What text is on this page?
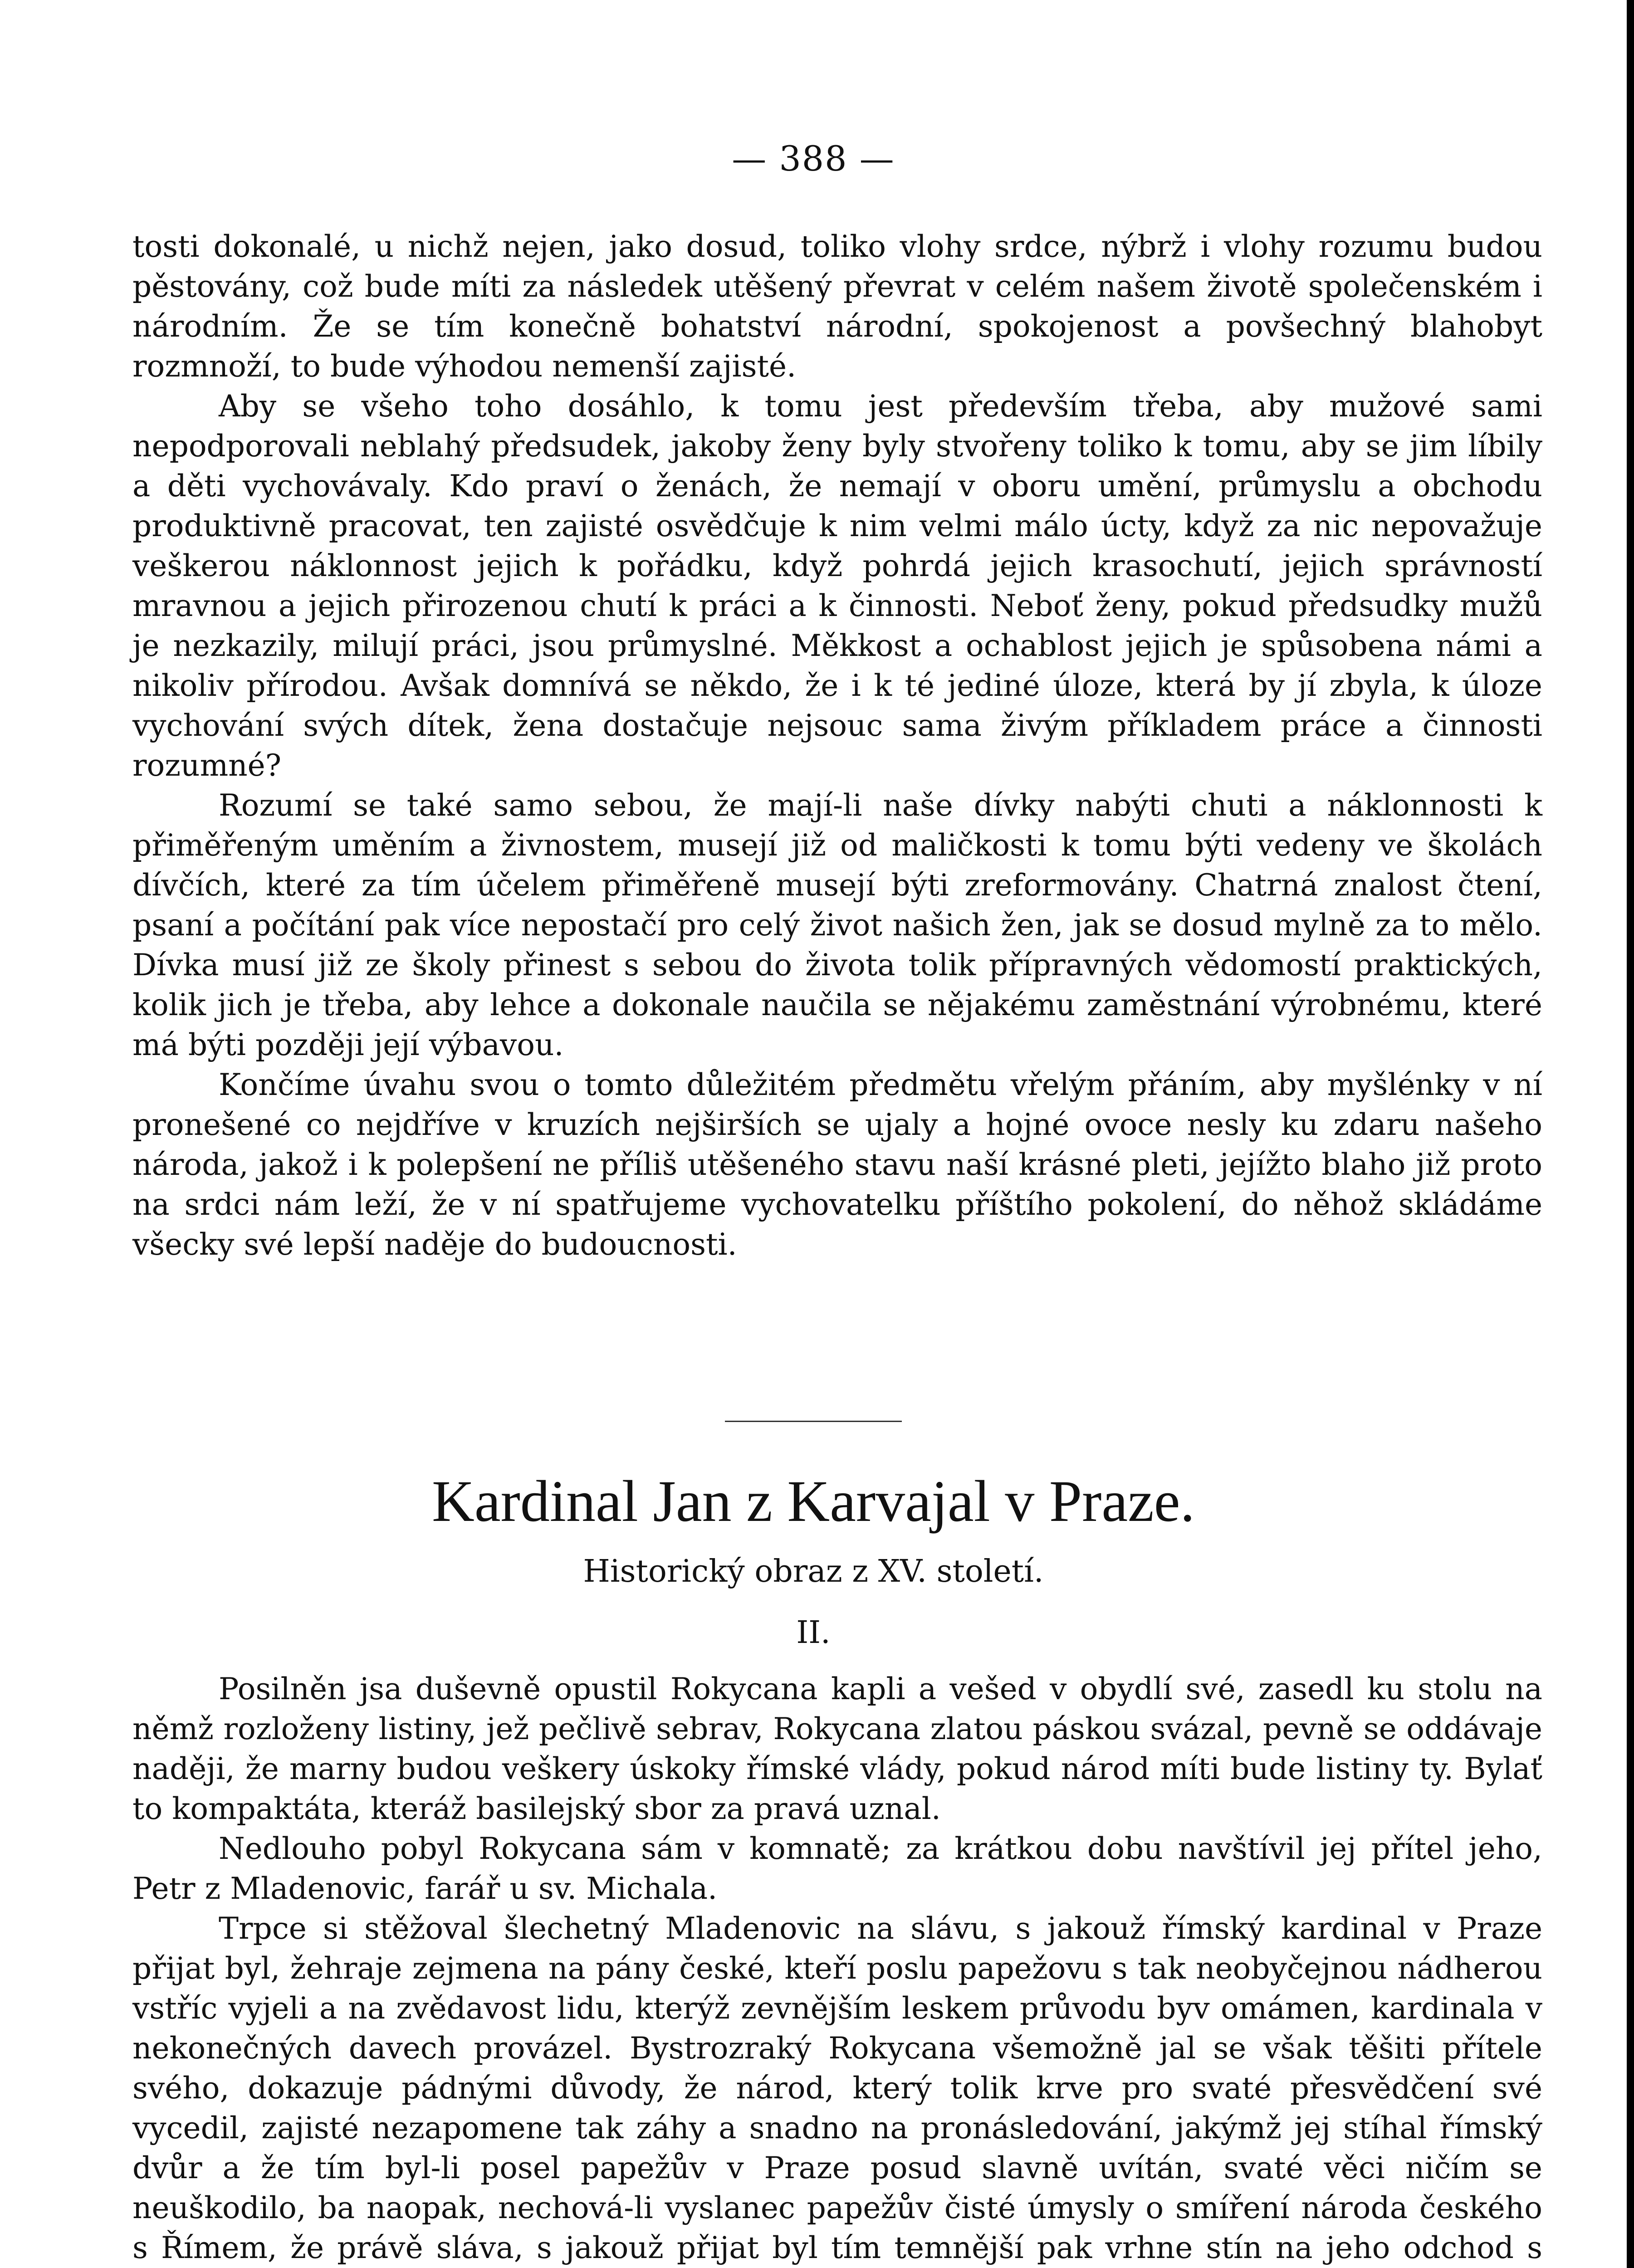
— 388 —

tosti dokonalé, u nichž nejen, jako dosud, toliko vlohy srdce, nýbrž i vlohy rozumu budou pěstovány, což bude míti za následek utěšený převrat v celém našem životě společenském i národním. Že se tím konečně bohatství národní, spokojenost a povšechný blahobyt rozmnoží, to bude výhodou nemenší zajisté.

Aby se všeho toho dosáhlo, k tomu jest především třeba, aby mužové sami nepodporovali neblahý předsudek, jakoby ženy byly stvořeny toliko k tomu, aby se jim líbily a děti vychovávaly. Kdo praví o ženách, že nemají v oboru umění, průmyslu a obchodu produktivně pracovat, ten zajisté osvědčuje k nim velmi málo úcty, když za nic nepovažuje veškerou náklonnost jejich k pořádku, když pohrdá jejich krasochutí, jejich správností mravnou a jejich přirozenou chutí k práci a k činnosti. Neboť ženy, pokud předsudky mužů je nezkazily, milují práci, jsou průmyslné. Měkkost a ochablost jejich je spůsobena námi a nikoliv přírodou. Avšak domnívá se někdo, že i k té jediné úloze, která by jí zbyla, k úloze vychování svých dítek, žena dostačuje nejsouc sama živým příkladem práce a činnosti rozumné?

Rozumí se také samo sebou, že mají-li naše dívky nabýti chuti a náklonnosti k přiměřeným uměním a živnostem, musejí již od maličkosti k tomu býti vedeny ve školách dívčích, které za tím účelem přiměřeně musejí býti zreformovány. Chatrná znalost čtení, psaní a počítání pak více nepostačí pro celý život našich žen, jak se dosud mylně za to mělo. Dívka musí již ze školy přinest s sebou do života tolik přípravných vědomostí praktických, kolik jich je třeba, aby lehce a dokonale naučila se nějakému zaměstnání výrobnému, které má býti později její výbavou.

Končíme úvahu svou o tomto důležitém předmětu vřelým přáním, aby myšlénky v ní pronešené co nejdříve v kruzích nejširších se ujaly a hojné ovoce nesly ku zdaru našeho národa, jakož i k polepšení ne příliš utěšeného stavu naší krásné pleti, jejížto blaho již proto na srdci nám leží, že v ní spatřujeme vychovatelku příštího pokolení, do něhož skládáme všecky své lepší naděje do budoucnosti.

Kardinal Jan z Karvajal v Praze.
Historický obraz z XV. století.
II.

Posilněn jsa duševně opustil Rokycana kapli a vešed v obydlí své, zasedl ku stolu na němž rozloženy listiny, jež pečlivě sebrav, Rokycana zlatou páskou svázal, pevně se oddávaje naději, že marny budou veškery úskoky římské vlády, pokud národ míti bude listiny ty. Bylať to kompaktáta, kteráž basilejský sbor za pravá uznal.

Nedlouho pobyl Rokycana sám v komnatě; za krátkou dobu navštívil jej přítel jeho, Petr z Mladenovic, farář u sv. Michala.

Trpce si stěžoval šlechetný Mladenovic na slávu, s jakouž římský kardinal v Praze přijat byl, žehraje zejmena na pány české, kteří poslu papežovu s tak neobyčejnou nádherou vstříc vyjeli a na zvědavost lidu, kterýž zevnějším leskem průvodu byv omámen, kardinala v nekonečných davech provázel. Bystrozraký Rokycana všemožně jal se však těšiti přítele svého, dokazuje pádnými důvody, že národ, který tolik krve pro svaté přesvědčení své vycedil, zajisté nezapomene tak záhy a snadno na pronásledování, jakýmž jej stíhal římský dvůr a že tím byl-li posel papežův v Praze posud slavně uvítán, svaté věci ničím se neuškodilo, ba naopak, nechová-li vyslanec papežův čisté úmysly o smíření národa českého s Římem, že právě sláva, s jakouž přijat byl tím temnější pak vrhne stín na jeho odchod s
